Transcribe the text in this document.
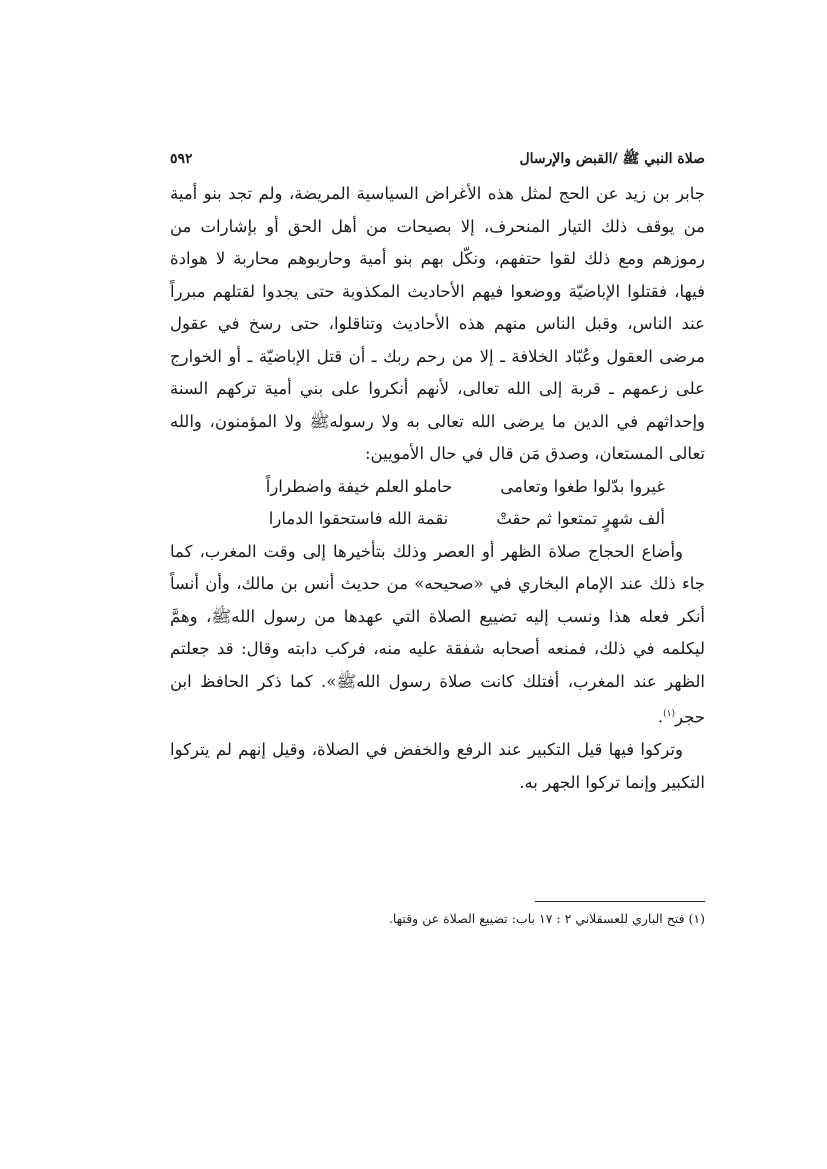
صلاة النبي ﷺ /القبض والإرسال
٥٩٢

جابر بن زيد عن الحج لمثل هذه الأغراض السياسية المريضة، ولم تجد بنو أمية من يوقف ذلك التيار المنحرف، إلا بصيحات من أهل الحق أو بإشارات من رموزهم ومع ذلك لقوا حتفهم، ونكّل بهم بنو أمية وحاربوهم محاربة لا هوادة فيها، فقتلوا الإباضيّة ووضعوا فيهم الأحاديث المكذوبة حتى يجدوا لقتلهم مبرراً عند الناس، وقبل الناس منهم هذه الأحاديث وتناقلوا، حتى رسخ في عقول مرضى العقول وعُبّاد الخلافة ـ إلا من رحم ربك ـ أن قتل الإباضيّة ـ أو الخوارج على زعمهم ـ قربة إلى الله تعالى، لأنهم أنكروا على بني أمية تركهم السنة وإحداثهم في الدين ما يرضى الله تعالى به ولا رسولهﷺ ولا المؤمنون، والله تعالى المستعان، وصدق مَن قال في حال الأمويين:

غيروا بدّلوا طغوا وتعامى
حاملو العلم خيفة واضطراراً
ألف شهرٍ تمتعوا ثم حقتْ
نقمة الله فاستحقوا الدمارا

وأضاع الحجاج صلاة الظهر أو العصر وذلك بتأخيرها إلى وقت المغرب، كما جاء ذلك عند الإمام البخاري في «صحيحه» من حديث أنس بن مالك، وأن أنساً أنكر فعله هذا ونسب إليه تضييع الصلاة التي عهدها من رسول اللهﷺ، وهمَّ ليكلمه في ذلك، فمنعه أصحابه شفقة عليه منه، فركب دابته وقال: قد جعلتم الظهر عند المغرب، أفتلك كانت صلاة رسول اللهﷺ». كما ذكر الحافظ ابن حجر$^{(١)}$.

وتركوا فيها قيل التكبير عند الرفع والخفض في الصلاة، وقيل إنهم لم يتركوا التكبير وإنما تركوا الجهر به.

(١) فتح الباري للعسقلاني ٢ : ١٧ باب: تضييع الصلاة عن وقتها.
